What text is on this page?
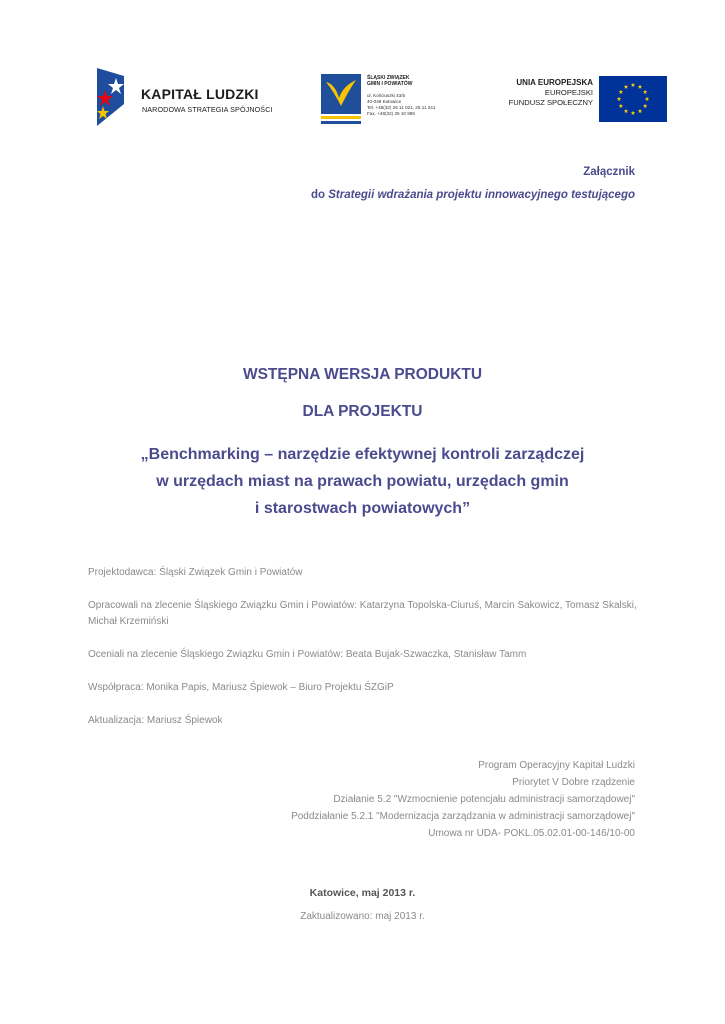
KAPITAŁ LUDZKI
NARODOWA STRATEGIA SPÓJNOŚCI
ŚLĄSKI ZWIĄZEK
GMIN I POWIATÓW
ul. Kościuszki 43/5
40-048 Katowice
Tel. +48(32) 25 11 021, 25 11 241
Fax. +48(32) 25 10 986
UNIA EUROPEJSKA
EUROPEJSKI
FUNDUSZ SPOŁECZNY
Załącznik
do Strategii wdrażania projektu innowacyjnego testującego
WSTĘPNA WERSJA PRODUKTU
DLA PROJEKTU
„Benchmarking – narzędzie efektywnej kontroli zarządczej
w urzędach miast na prawach powiatu, urzędach gmin
i starostwach powiatowych”

Projektodawca: Śląski Związek Gmin i Powiatów

Opracowali na zlecenie Śląskiego Związku Gmin i Powiatów: Katarzyna Topolska-Ciuruś, Marcin Sakowicz, Tomasz Skalski, Michał Krzemiński

Oceniali na zlecenie Śląskiego Związku Gmin i Powiatów: Beata Bujak-Szwaczka, Stanisław Tamm

Współpraca: Monika Papis, Mariusz Śpiewok – Biuro Projektu ŚZGiP

Aktualizacja: Mariusz Śpiewok

Program Operacyjny Kapitał Ludzki
Priorytet V Dobre rządzenie
Działanie 5.2 "Wzmocnienie potencjału administracji samorządowej"
Poddziałanie 5.2.1 "Modernizacja zarządzania w administracji samorządowej"
Umowa nr UDA- POKL.05.02.01-00-146/10-00
Katowice, maj 2013 r.
Zaktualizowano: maj 2013 r.
